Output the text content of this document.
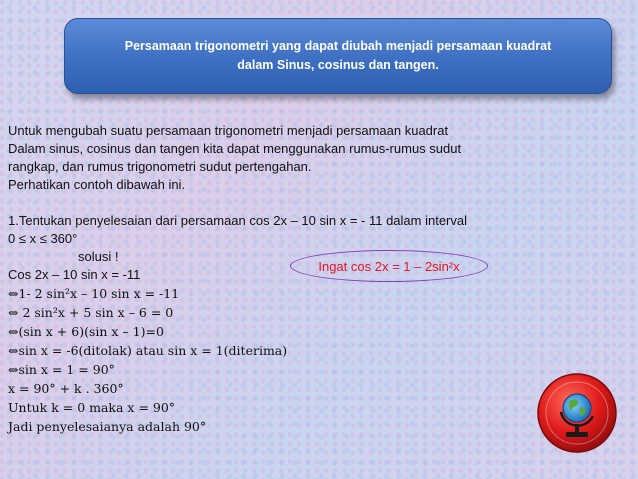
Persamaan trigonometri yang dapat diubah menjadi persamaan kuadrat
dalam Sinus, cosinus dan tangen.
Untuk mengubah suatu persamaan trigonometri menjadi persamaan kuadrat
Dalam sinus, cosinus dan tangen kita dapat menggunakan rumus-rumus sudut
rangkap, dan rumus trigonometri sudut pertengahan.
Perhatikan contoh dibawah ini.
1.Tentukan penyelesaian dari persamaan cos 2x – 10 sin x = - 11 dalam interval
0 ≤ x ≤ 360°
solusi !
Cos 2x – 10 sin x = -11
⇔1- 2 sin²x – 10 sin x = -11
⇔ 2 sin²x + 5 sin x – 6 = 0
⇔(sin x + 6)(sin x – 1)=0
⇔sin x = -6(ditolak) atau sin x = 1(diterima)
⇔sin x = 1 = 90°
x = 90° + k . 360°
Untuk k = 0 maka x = 90°
Jadi penyelesaianya adalah 90°
Ingat cos 2x = 1 – 2sin²x
